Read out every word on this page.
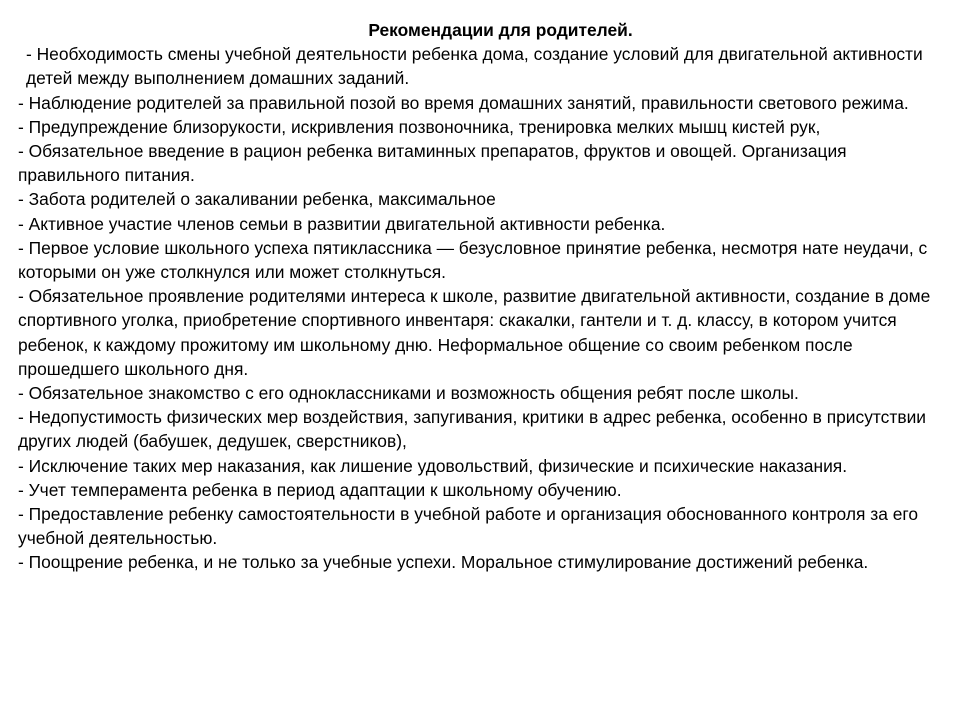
Рекомендации для родителей.

- Необходимость смены учебной деятельности ребенка дома, создание условий для двигательной активности детей между выполнением домашних заданий.
- Наблюдение родителей за правильной позой во время домашних занятий, правильности светового режима.
- Предупреждение близорукости, искривления позвоночника, тренировка мелких мышц кистей рук,
- Обязательное введение в рацион ребенка витаминных препаратов, фруктов и овощей. Организация правильного питания.
- Забота родителей о закаливании ребенка, максимальное
- Активное участие членов семьи в развитии двигательной активности ребенка.
- Первое условие школьного успеха пятиклассника — безусловное принятие ребенка, несмотря нате неудачи, с которыми он уже столкнулся или может столкнуться.
- Обязательное проявление родителями интереса к школе, развитие двигательной активности, создание в доме спортивного уголка, приобретение спортивного инвентаря: скакалки, гантели и т. д. классу, в котором учится ребенок, к каждому прожитому им школьному дню. Неформальное общение со своим ребенком после прошедшего школьного дня.
- Обязательное знакомство с его одноклассниками и возможность общения ребят после школы.
- Недопустимость физических мер воздействия, запугивания, критики в адрес ребенка, особенно в присутствии других людей (бабушек, дедушек, сверстников),
- Исключение таких мер наказания, как лишение удовольствий, физические и психические наказания.
- Учет темперамента ребенка в период адаптации к школьному обучению.
- Предоставление ребенку самостоятельности в учебной работе и организация обоснованного контроля за его учебной деятельностью.
- Поощрение ребенка, и не только за учебные успехи. Моральное стимулирование достижений ребенка.
